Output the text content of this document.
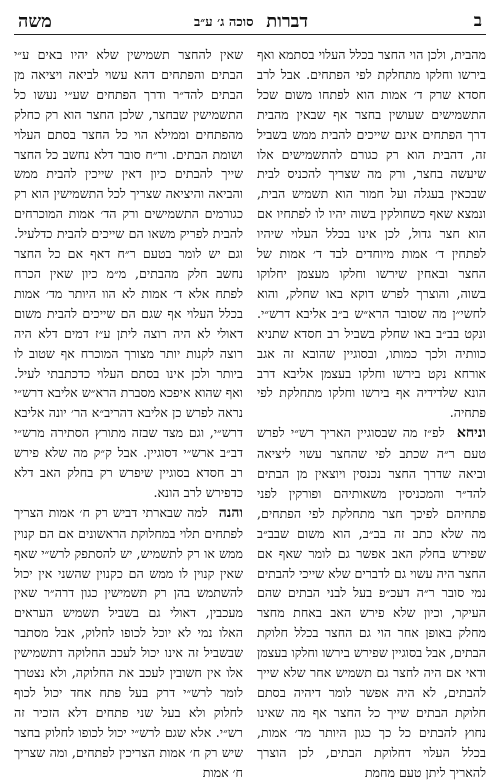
ב
דברות
סוכה ג׳ ע״ב
משה

מהבית, ולכן הוי החצר בכלל העלוי בסתמא ואף בירשו וחלקו מתחלקת לפי הפתחים. אבל לרב חסדא שרק ד׳ אמות הוא לפתחו משום שכל התשמישים שעושין בחצר אף שבאין מהבית דרך הפתחים אינם שייכים להבית ממש בשביל זה, דהבית הוא רק כגורם להתשמישים אלו שיעשה בחצר, ורק מה שצריך להכניס לבית שבכאין בעגלה ועל חמור הוא תשמיש הבית, ונמצא שאף כשחולקין בשוה יהיו לו לפתחיו אם הוא חצר גדול, לכן אינו בכלל העלוי שיהיו לפתחין ד׳ אמות מיוחדים לבד ד׳ אמות של החצר ובאחין שירשו וחלקו מעצמן יחלוקו בשוה, והוצרך לפרש דוקא באו שחלק, והוא לחשי״ן מה שסובר הרא״ש ב״ב אליבא דרש״י. ונקט בב״ב באו שחלק בשביל רב חסדא שתניא כוותיה ולכך כמותו, ובסוגיין שהובא זה אגב אורחא נקט בירשו וחלקו בעצמן אליבא דרב הונא שלדידיה אף בירשו וחלקו מתחלקת לפי פתחיה.

וניחא לפ״ז מה שבסוגיין האריך רש״י לפרש טעם ר״ה שכתב לפי שהחצר עשוי ליציאה וביאה שדרך החצר נכנסין ויוצאין מן הבתים להד״ר והמכניסין משאותיהם ופורקין לפני פתחיהם לפיכך חצר מתחלקת לפי הפתחים, מה שלא כתב זה בב״ב, הוא משום שבב״ב שפירש בחלק האב אפשר גם לומר שאף אם החצר היה עשוי גם לדברים שלא שייכי להבתים נמי סובר ר״ה דעכ״פ בעל לבני הבתים שהם העיקר, וכיון שלא פירש האב באחת מחצר מחלק באופן אחר הוי גם החצר בכלל חלוקת הבתים, אבל בסוגיין שפירש בירשו וחלקו בעצמן ודאי אם היה לחצר גם תשמיש אחר שלא שייך להבתים, לא היה אפשר לומר דיהיה בסתם חלוקת הבתים שייך כל החצר אף מה שאינו נחוץ להבתים כל כך כגון היותר מד׳ אמות, בכלל העלוי דחלוקת הבתים, לכן הוצרך להאריך ליתן טעם מחמת

שאין להחצר תשמישין שלא יהיו באים ע״י הבתים והפתחים דהא עשוי לביאה ויציאה מן הבתים להד״ר ודרך הפתחים שע״י נעשו כל התשמישין שבחצר, שלכן החצר הוא רק כחלק מהפתחים וממילא הוי כל החצר בסתם העלוי ושומת הבתים. ור״ח סובר דלא נחשב כל החצר שייך להבתים כיון דאין שייכין להבית ממש והביאה והיציאה שצריך לכל התשמישין הוא רק כגורמים התשמישים ורק הד׳ אמות המוכרחים להבית לפריק משאו הם שייכים להבית כדלעיל. וגם יש לומר בטעם ר״ח דאף אם כל החצר נחשב חלק מהבתים, מ״מ כיון שאין הכרח לפתח אלא ד׳ אמות לא הוו היותר מד׳ אמות בכלל העלוי אף שגם הם שייכים להבית משום דאולי לא היה רוצה ליתן ע״ז דמים דלא היה רוצה לקנות יותר מצורך המוכרח אף שטוב לו ביותר ולכן אינו בסתם העלוי כדכתבתי לעיל. ואף שהוא איפכא מסברת הרא״ש אליבא דרש״י נראה לפרש כן אליבא דהריב״א הר׳ יונה אליבא דרש״י, וגם מצד שבזה מתורץ הסתירה מרש״י דב״ב ארש״י דסוגיין. אבל ק״ק מה שלא פירש רב חסדא בסוגיין שיפרש רק בחלק האב דלא כדפירש לרב הונא.

והנה למה שבארתי דביש רק ח׳ אמות הצריך לפתחים תלוי במחלוקת הראשונים אם הם קנוין ממש או רק לתשמיש, יש להסתפק לרש״י שאף שאין קנוין לו ממש הם כקנוין שהשני אין יכול להשתמש בהן רק תשמישין כגון דרה״ר שאין מעכבין, דאולי גם בשביל תשמיש העראים האלו נמי לא יוכל לכופו לחלוק, אבל מסתבר שבשביל זה אינו יכול לעכב החלוקה דתשמישין אלו אין חשובין לעכב את החלוקה, ולא נצטרך לומר לרש״י דרק בעל פתח אחד יכול לכוף לחלוק ולא בעל שני פתחים דלא הזכיר זה רש״י. אלא שגם לרש״י יכול לכופו לחלוק בחצר שיש רק ח׳ אמות הצריכין לפתחים, ומה שצריך ח׳ אמות
